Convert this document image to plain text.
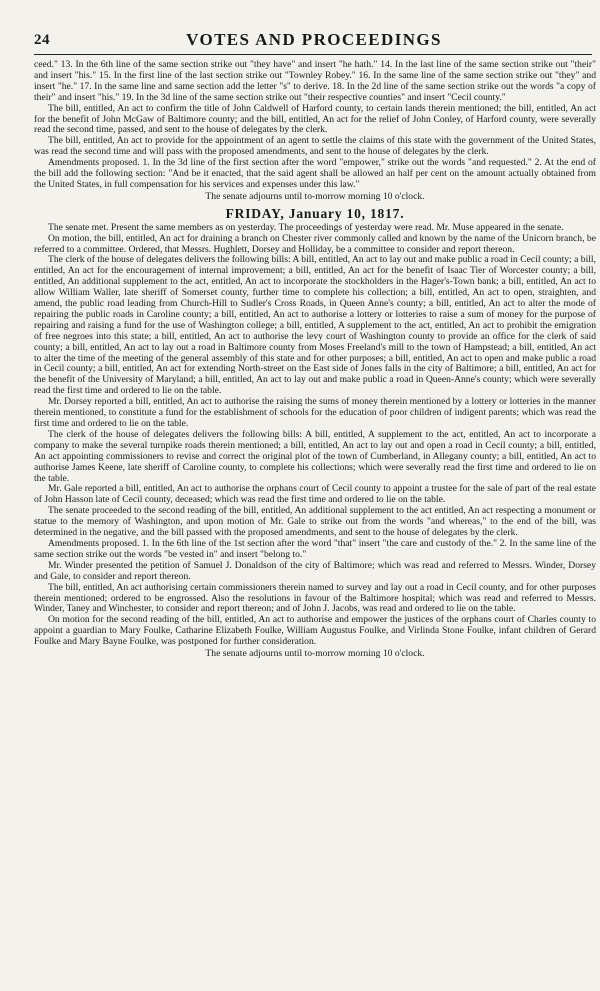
24	VOTES AND PROCEEDINGS

ceed." 13. In the 6th line of the same section strike out "they have" and insert "he hath." 14. In the last line of the same section strike out "their" and insert "his." 15. In the first line of the last section strike out "Townley Robey." 16. In the same line of the same section strike out "they" and insert "he." 17. In the same line and same section add the letter "s" to derive. 18. In the 2d line of the same section strike out the words "a copy of their" and insert "his." 19. In the 3d line of the same section strike out "their respective counties" and insert "Cecil county."

The bill, entitled, An act to confirm the title of John Caldwell of Harford county, to certain lands therein mentioned; the bill, entitled, An act for the benefit of John McGaw of Baltimore county; and the bill, entitled, An act for the relief of John Conley, of Harford county, were severally read the second time, passed, and sent to the house of delegates by the clerk.

The bill, entitled, An act to provide for the appointment of an agent to settle the claims of this state with the government of the United States, was read the second time and will pass with the proposed amendments, and sent to the house of delegates by the clerk.

Amendments proposed. 1. In the 3d line of the first section after the word "empower," strike out the words "and requested." 2. At the end of the bill add the following section: "And be it enacted, that the said agent shall be allowed an half per cent on the amount actually obtained from the United States, in full compensation for his services and expenses under this law."

The senate adjourns until to-morrow morning 10 o'clock.

FRIDAY, January 10, 1817.

The senate met. Present the same members as on yesterday. The proceedings of yesterday were read. Mr. Muse appeared in the senate.

On motion, the bill, entitled, An act for draining a branch on Chester river commonly called and known by the name of the Unicorn branch, be referred to a committee. Ordered, that Messrs. Hughlett, Dorsey and Holliday, be a committee to consider and report thereon.

The clerk of the house of delegates delivers the following bills: A bill, entitled, An act to lay out and make public a road in Cecil county; a bill, entitled, An act for the encouragement of internal improvement; a bill, entitled, An act for the benefit of Isaac Tier of Worcester county; a bill, entitled, An additional supplement to the act, entitled, An act to incorporate the stockholders in the Hager's-Town bank; a bill, entitled, An act to allow William Waller, late sheriff of Somerset county, further time to complete his collection; a bill, entitled, An act to open, straighten, and amend, the public road leading from Church-Hill to Sudler's Cross Roads, in Queen Anne's county; a bill, entitled, An act to alter the mode of repairing the public roads in Caroline county; a bill, entitled, An act to authorise a lottery or lotteries to raise a sum of money for the purpose of repairing and raising a fund for the use of Washington college; a bill, entitled, A supplement to the act, entitled, An act to prohibit the emigration of free negroes into this state; a bill, entitled, An act to authorise the levy court of Washington county to provide an office for the clerk of said county; a bill, entitled, An act to lay out a road in Baltimore county from Moses Freeland's mill to the town of Hampstead; a bill, entitled, An act to alter the time of the meeting of the general assembly of this state and for other purposes; a bill, entitled, An act to open and make public a road in Cecil county; a bill, entitled, An act for extending North-street on the East side of Jones falls in the city of Baltimore; a bill, entitled, An act for the benefit of the University of Maryland; a bill, entitled, An act to lay out and make public a road in Queen-Anne's county; which were severally read the first time and ordered to lie on the table.

Mr. Dorsey reported a bill, entitled, An act to authorise the raising the sums of money therein mentioned by a lottery or lotteries in the manner therein mentioned, to constitute a fund for the establishment of schools for the education of poor children of indigent parents; which was read the first time and ordered to lie on the table.

The clerk of the house of delegates delivers the following bills: A bill, entitled, A supplement to the act, entitled, An act to incorporate a company to make the several turnpike roads therein mentioned; a bill, entitled, An act to lay out and open a road in Cecil county; a bill, entitled, An act appointing commissioners to revise and correct the original plot of the town of Cumberland, in Allegany county; a bill, entitled, An act to authorise James Keene, late sheriff of Caroline county, to complete his collections; which were severally read the first time and ordered to lie on the table.

Mr. Gale reported a bill, entitled, An act to authorise the orphans court of Cecil county to appoint a trustee for the sale of part of the real estate of John Hasson late of Cecil county, deceased; which was read the first time and ordered to lie on the table.

The senate proceeded to the second reading of the bill, entitled, An additional supplement to the act entitled, An act respecting a monument or statue to the memory of Washington, and upon motion of Mr. Gale to strike out from the words "and whereas," to the end of the bill, was determined in the negative, and the bill passed with the proposed amendments, and sent to the house of delegates by the clerk.

Amendments proposed. 1. In the 6th line of the 1st section after the word "that" insert "the care and custody of the." 2. In the same line of the same section strike out the words "be vested in" and insert "belong to."

Mr. Winder presented the petition of Samuel J. Donaldson of the city of Baltimore; which was read and referred to Messrs. Winder, Dorsey and Gale, to consider and report thereon.

The bill, entitled, An act authorising certain commissioners therein named to survey and lay out a road in Cecil county, and for other purposes therein mentioned; ordered to be engrossed. Also the resolutions in favour of the Baltimore hospital; which was read and referred to Messrs. Winder, Taney and Winchester, to consider and report thereon; and of John J. Jacobs, was read and ordered to lie on the table.

On motion for the second reading of the bill, entitled, An act to authorise and empower the justices of the orphans court of Charles county to appoint a guardian to Mary Foulke, Catharine Elizabeth Foulke, William Augustus Foulke, and Virlinda Stone Foulke, infant children of Gerard Foulke and Mary Bayne Foulke, was postponed for further consideration.

The senate adjourns until to-morrow morning 10 o'clock.
